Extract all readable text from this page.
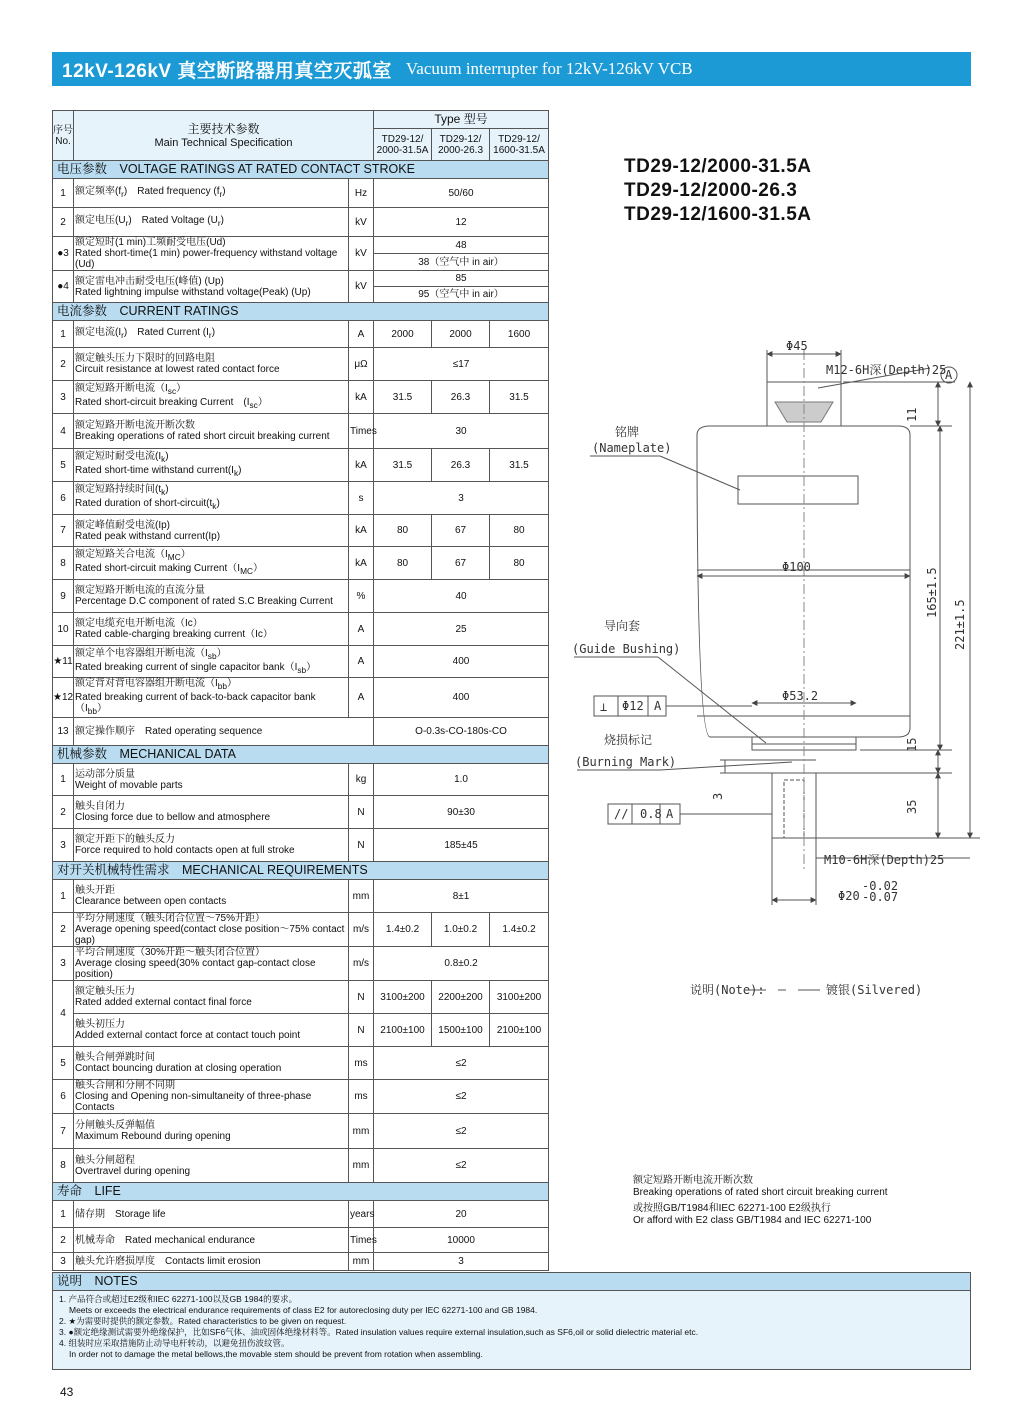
12kV-126kV 真空断路器用真空灭弧室 Vacuum interrupter for 12kV-126kV VCB
序号
No.	主要技术参数
Main Technical Specification		Type 型号		

			TD29-12/
2000-31.5A	TD29-12/
2000-26.3	TD29-12/
1600-31.5A

电压参数　VOLTAGE RATINGS AT RATED CONTACT STROKE					
1	额定频率$(f_r)$　Rated frequency $(f_r)$	Hz	50/60		
2	额定电压$(U_r)$　Rated Voltage $(U_r)$	kV	12		
●3	额定短时(1 min)工频耐受电压(Ud)
Rated short-time(1 min) power-frequency withstand voltage (Ud)	kV	48		
			38（空气中 in air）		
●4	额定雷电冲击耐受电压(峰值) (Up)
Rated lightning impulse withstand voltage(Peak) (Up)	kV	85		
			95（空气中 in air）		
电流参数　CURRENT RATINGS					
1	额定电流$(I_r)$　Rated Current $(I_r)$	A	2000	2000	1600
2	额定触头压力下限时的回路电阻
Circuit resistance at lowest rated contact force	μΩ	≤17		
3	额定短路开断电流$(I_{sc})$
Rated short-circuit breaking Current　$(I_{sc})$	kA	31.5	26.3	31.5
4	额定短路开断电流开断次数
Breaking operations of rated short circuit breaking current	Times	30		
5	额定短时耐受电流$(I_k)$
Rated short-time withstand $current(I_k)$	kA	31.5	26.3	31.5
6	额定短路持续时间$(t_k)$
Rated duration of short-$circuit(t_k)$	s	3		
7	额定峰值耐受电流(Ip)
Rated peak withstand current(Ip)	kA	80	67	80
8	额定短路关合电流$(I_{MC})$
Rated short-circuit making $Current(I_{MC})$	kA	80	67	80
9	额定短路开断电流的直流分量
Percentage D.C component of rated S.C Breaking Current	%	40		
10	额定电缆充电开断电流（Ic）
Rated cable-charging breaking current（Ic）	A	25		
★11	额定单个电容器组开断电流$(I_{sb})$
Rated breaking current of single capacitor $bank(I_{sb})$	A	400		
★12	额定背对背电容器组开断电流$(I_{bb})$
Rated breaking current of back-to-back capacitor $bank(I_{bb})$	A	400		
13	额定操作顺序　Rated operating sequence		O-0.3s-CO-180s-CO		
机械参数　MECHANICAL DATA					
1	运动部分质量
Weight of movable parts	kg	1.0		
2	触头自闭力
Closing force due to bellow and atmosphere	N	90±30		
3	额定开距下的触头反力
Force required to hold contacts open at full stroke	N	185±45		
对开关机械特性需求　MECHANICAL REQUIREMENTS					
1	触头开距
Clearance between open contacts	mm	8±1		
2	平均分闸速度（触头闭合位置～75%开距）
Average opening speed(contact close position～75% contact gap)	m/s	1.4±0.2	1.0±0.2	1.4±0.2
3	平均合闸速度（30%开距～触头闭合位置）
Average closing speed(30% contact gap-contact close position)	m/s	0.8±0.2		
4	额定触头压力
Rated added external contact final force	N	3100±200	2200±200	3100±200

	触头初压力
Added external contact force at contact touch point	N	2100±100	1500±100	2100±100
5	触头合闸弹跳时间
Contact bouncing duration at closing operation	ms	≤2		
6	触头合闸和分闸不同期
Closing and Opening non-simultaneity of three-phase Contacts	ms	≤2		
7	分闸触头反弹幅值
Maximum Rebound during opening	mm	≤2		
8	触头分闸超程
Overtravel during opening	mm	≤2		
寿命　LIFE					
1	储存期　Storage life	years	20		
2	机械寿命　Rated mechanical endurance	Times	10000		
3	触头允许磨损厚度　Contacts limit erosion	mm	3		
说明　NOTES
1. 产品符合或超过E2级和IEC 62271-100以及GB 1984的要求。
Meets or exceeds the electrical endurance requirements of class E2 for autoreclosing duty per IEC 62271-100 and GB 1984.
2. ★为需要时提供的额定参数。Rated characteristics to be given on request.
3. ●额定绝缘测试需要外绝缘保护，比如SF6气体、油或固体绝缘材料等。Rated insulation values require external insulation,such as SF6,oil or solid dielectric material etc.
4. 组装时应采取措施防止动导电杆转动，以避免扭伤波纹管。
In order not to damage the metal bellows,the movable stem should be prevent from rotation when assembling.
TD29-12/2000-31.5A
TD29-12/2000-26.3
TD29-12/1600-31.5A
Φ45
M12-6H深(Depth)25
A
11
铭牌
(Nameplate)
Φ100
165±1.5
221±1.5
导向套
(Guide Bushing)
⊥ Φ12 A
Φ53.2
烧损标记
(Burning Mark)
15
3
35
// 0.8 A
M10-6H深(Depth)25
Φ20
-0.02
-0.07
说明(Note):	镀银(Silvered)
额定短路开断电流开断次数
Breaking operations of rated short circuit breaking current
或按照GB/T1984和IEC 62271-100 E2级执行
Or afford with E2 class GB/T1984 and IEC 62271-100
43
